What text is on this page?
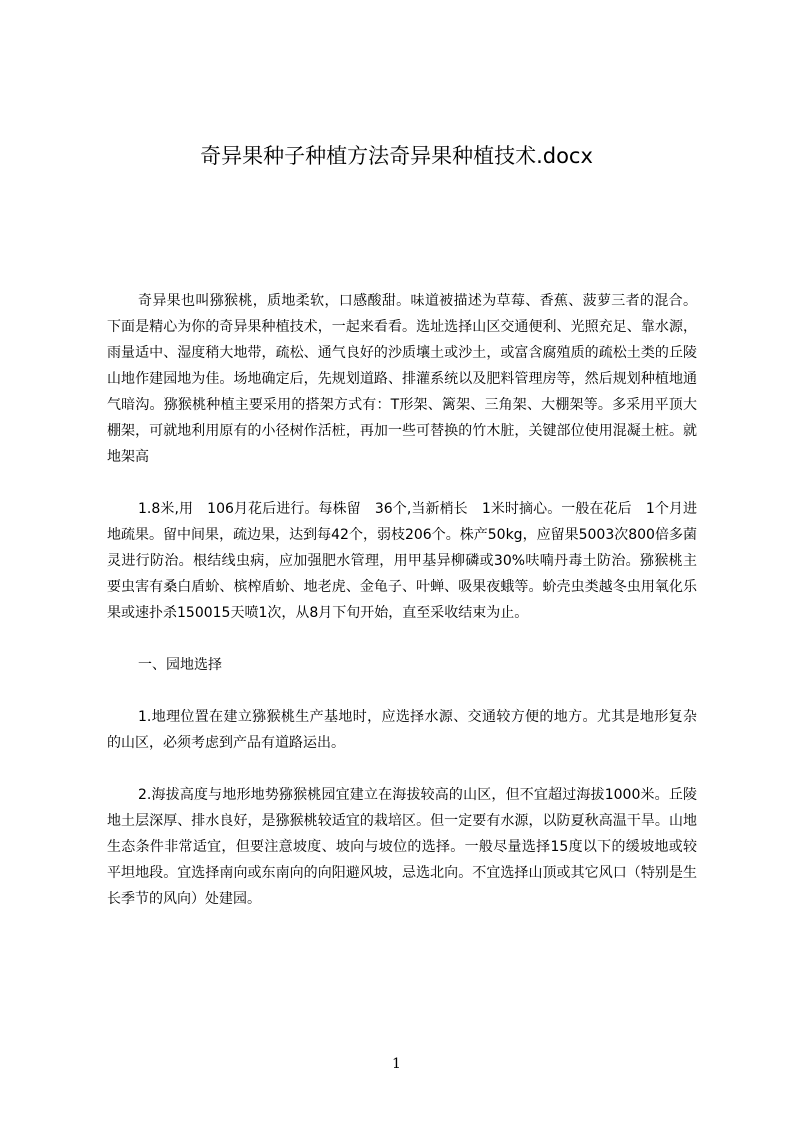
奇异果种子种植方法奇异果种植技术.docx

奇异果也叫猕猴桃，质地柔软，口感酸甜。味道被描述为草莓、香蕉、菠萝三者的混合。下面是精心为你的奇异果种植技术，一起来看看。选址选择山区交通便利、光照充足、靠水源，雨量适中、湿度稍大地带，疏松、通气良好的沙质壤土或沙土，或富含腐殖质的疏松土类的丘陵山地作建园地为佳。场地确定后，先规划道路、排灌系统以及肥料管理房等，然后规划种植地通气暗沟。猕猴桃种植主要采用的搭架方式有：T形架、篱架、三角架、大棚架等。多采用平顶大棚架，可就地利用原有的小径树作活桩，再加一些可替换的竹木脏，关键部位使用混凝土桩。就地架高

1.8米,用　106月花后进行。每株留　36个,当新梢长　1米时摘心。一般在花后　1个月进地疏果。留中间果，疏边果，达到每42个，弱枝206个。株产50kg，应留果5003次800倍多菌灵进行防治。根结线虫病，应加强肥水管理，用甲基异柳磷或30%呋喃丹毒土防治。猕猴桃主要虫害有桑白盾蚧、槟榨盾蚧、地老虎、金龟子、叶蝉、吸果夜蛾等。蚧壳虫类越冬虫用氧化乐果或速扑杀150015天喷1次，从8月下旬开始，直至采收结束为止。

一、园地选择

1.地理位置在建立猕猴桃生产基地时，应选择水源、交通较方便的地方。尤其是地形复杂的山区，必须考虑到产品有道路运出。

2.海拔高度与地形地势猕猴桃园宜建立在海拔较高的山区，但不宜超过海拔1000米。丘陵地土层深厚、排水良好，是猕猴桃较适宜的栽培区。但一定要有水源，以防夏秋高温干旱。山地生态条件非常适宜，但要注意坡度、坡向与坡位的选择。一般尽量选择15度以下的缓坡地或较平坦地段。宜选择南向或东南向的向阳避风坡，忌选北向。不宜选择山顶或其它风口（特别是生长季节的风向）处建园。

1
